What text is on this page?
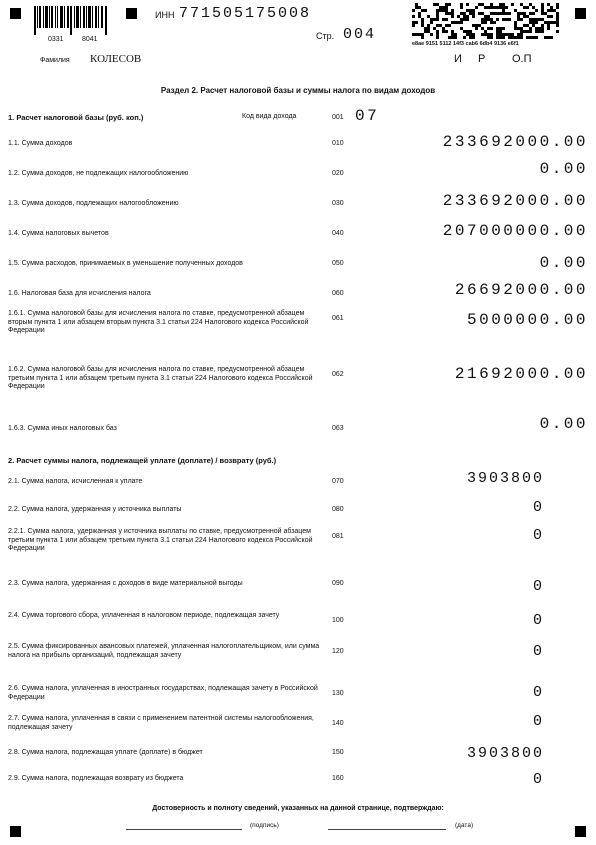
0331	8041
ИНН 771505175008
Стр. 004
e8ae 9151 5112 14f3 cab6 6db4 9136 e6f1
И Р О.П
Фамилия КОЛЕСОВ
Раздел 2. Расчет налоговой базы и суммы налога по видам доходов
1. Расчет налоговой базы (руб. коп.)	Код вида дохода	001 07
1.1. Сумма доходов	010	233692000.00
1.2. Сумма доходов, не подлежащих налогообложению	020	0.00
1.3. Сумма доходов, подлежащих налогообложению	030	233692000.00
1.4. Сумма налоговых вычетов	040	207000000.00
1.5. Сумма расходов, принимаемых в уменьшение полученных доходов	050	0.00
1.6. Налоговая база для исчисления налога	060	26692000.00
1.6.1. Сумма налоговой базы для исчисления налога по ставке, предусмотренной абзацем вторым пункта 1 или абзацем вторым пункта 3.1 статьи 224 Налогового кодекса Российской Федерации
061	5000000.00
1.6.2. Сумма налоговой базы для исчисления налога по ставке, предусмотренной абзацем третьим пункта 1 или абзацем третьим пункта 3.1 статьи 224 Налогового кодекса Российской Федерации
062	21692000.00
1.6.3. Сумма иных налоговых баз	063	0.00
2. Расчет суммы налога, подлежащей уплате (доплате) / возврату (руб.)
2.1. Сумма налога, исчисленная к уплате	070	3903800
2.2. Сумма налога, удержанная у источника выплаты	080	0
2.2.1. Сумма налога, удержанная у источника выплаты по ставке, предусмотренной абзацем третьим пункта 1 или абзацем третьим пункта 3.1 статьи 224 Налогового кодекса Российской Федерации
081	0
2.3. Сумма налога, удержанная с доходов в виде материальной выгоды	090	0
2.4. Сумма торгового сбора, уплаченная в налоговом периоде, подлежащая зачету
100	0
2.5. Сумма фиксированных авансовых платежей, уплаченная налогоплательщиком, или сумма налога на прибыль организаций, подлежащая зачету	120	0
2.6. Сумма налога, уплаченная в иностранных государствах, подлежащая зачету в Российской Федерации	130	0
2.7. Сумма налога, уплаченная в связи с применением патентной системы налогообложения, подлежащая зачету	140	0
2.8. Сумма налога, подлежащая уплате (доплате) в бюджет	150	3903800
2.9. Сумма налога, подлежащая возврату из бюджета	160	0
Достоверность и полноту сведений, указанных на данной странице, подтверждаю:
(подпись)	(дата)
